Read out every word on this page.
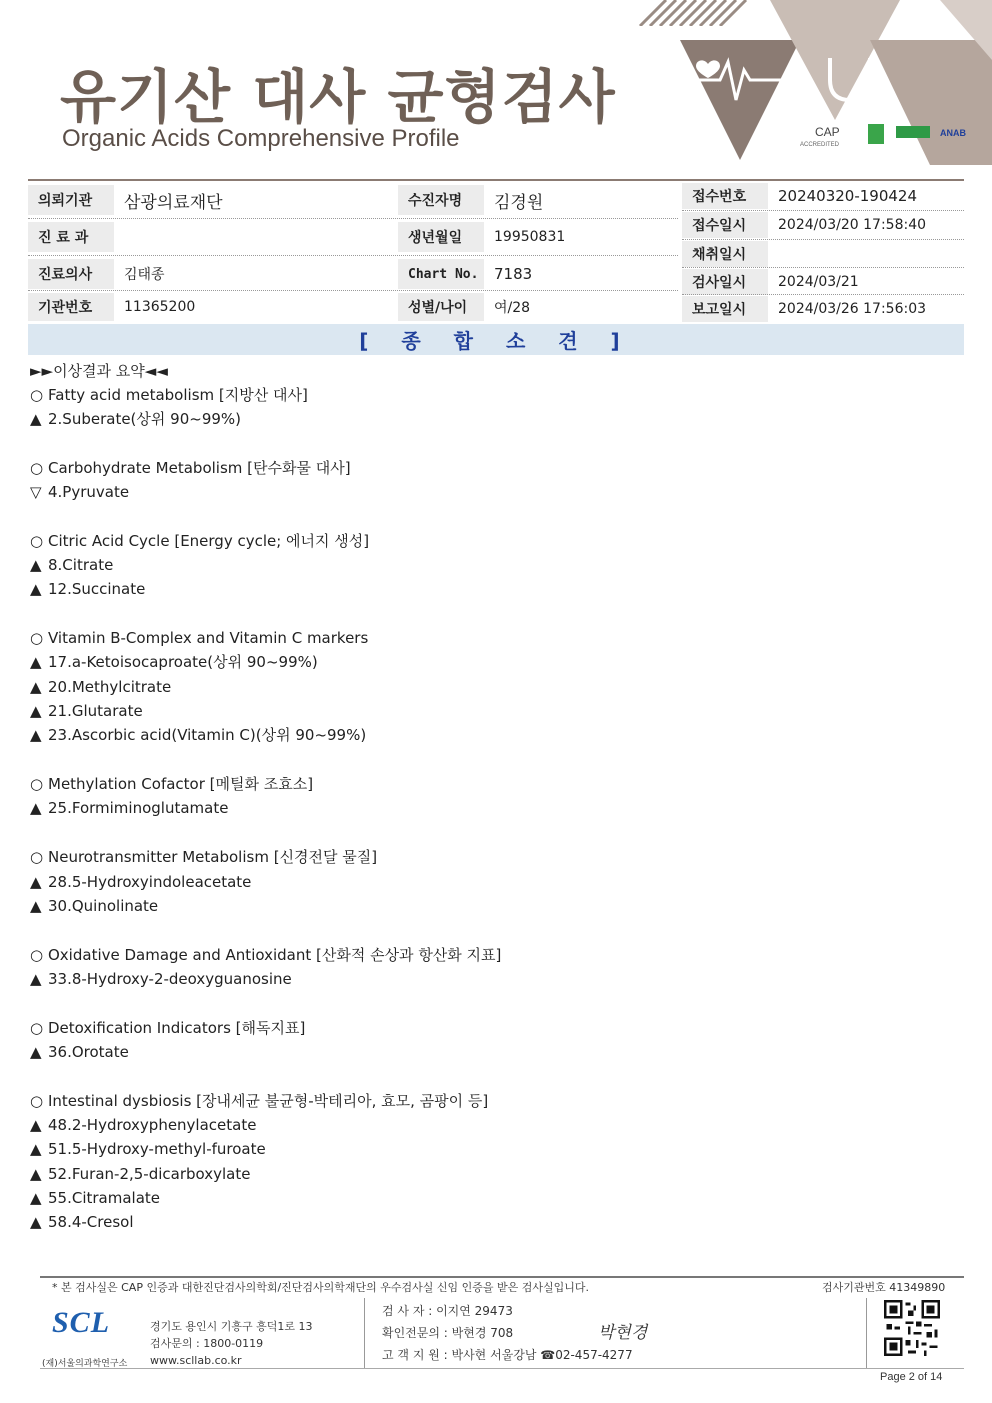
유기산 대사 균형검사
Organic Acids Comprehensive Profile	CAP
ACCREDITED
ANAB
의뢰기관	삼광의료재단
진 료 과
진료의사	김태종
기관번호	11365200
수진자명	김경원
생년월일	19950831
Chart No.	7183
성별/나이	여/28
접수번호	20240320-190424
접수일시	2024/03/20 17:58:40
채취일시
검사일시	2024/03/21
보고일시	2024/03/26 17:56:03
[ 종 합 소 견 ]
►►이상결과 요약◄◄
○ Fatty acid metabolism [지방산 대사]
▲ 2.Suberate(상위 90~99%)
○ Carbohydrate Metabolism [탄수화물 대사]
▽ 4.Pyruvate
○ Citric Acid Cycle [Energy cycle; 에너지 생성]
▲ 8.Citrate
▲ 12.Succinate
○ Vitamin B-Complex and Vitamin C markers
▲ 17.a-Ketoisocaproate(상위 90~99%)
▲ 20.Methylcitrate
▲ 21.Glutarate
▲ 23.Ascorbic acid(Vitamin C)(상위 90~99%)
○ Methylation Cofactor [메틸화 조효소]
▲ 25.Formiminoglutamate
○ Neurotransmitter Metabolism [신경전달 물질]
▲ 28.5-Hydroxyindoleacetate
▲ 30.Quinolinate
○ Oxidative Damage and Antioxidant [산화적 손상과 항산화 지표]
▲ 33.8-Hydroxy-2-deoxyguanosine
○ Detoxification Indicators [해독지표]
▲ 36.Orotate
○ Intestinal dysbiosis [장내세균 불균형-박테리아, 효모, 곰팡이 등]
▲ 48.2-Hydroxyphenylacetate
▲ 51.5-Hydroxy-methyl-furoate
▲ 52.Furan-2,5-dicarboxylate
▲ 55.Citramalate
▲ 58.4-Cresol
* 본 검사실은 CAP 인증과 대한진단검사의학회/진단검사의학재단의 우수검사실 신임 인증을 받은 검사실입니다.	검사기관번호 41349890
SCL
(재)서울의과학연구소
경기도 용인시 기흥구 흥덕1로 13
검사문의 : 1800-0119
www.scllab.co.kr
검 사 자 : 이지연 29473
확인전문의 : 박현경 708
고 객 지 원 : 박사현 서울강남 ☎02-457-4277
박현경
Page 2 of 14
